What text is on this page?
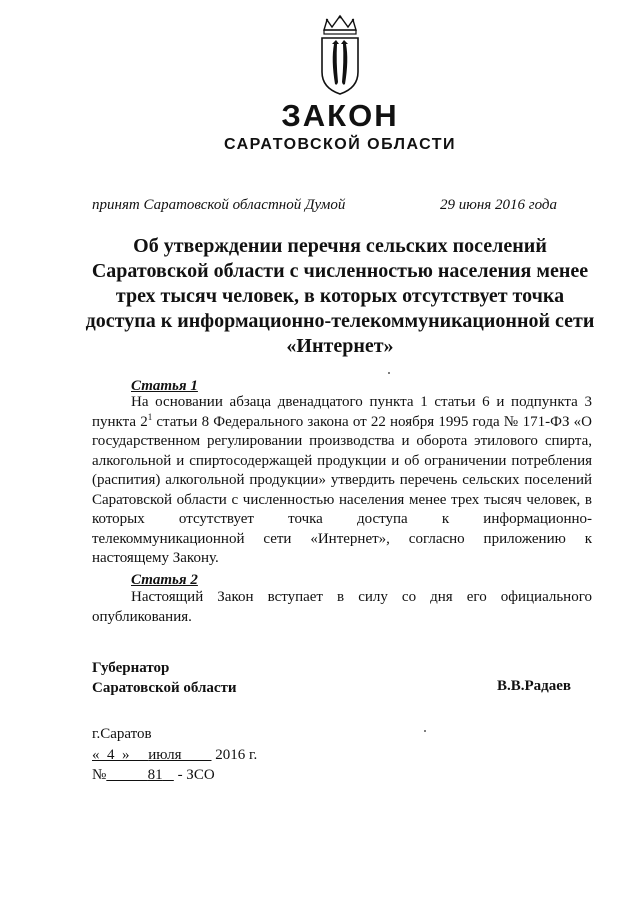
ЗАКОН
САРАТОВСКОЙ ОБЛАСТИ
принят Саратовской областной Думой	29 июня 2016 года
Об утверждении перечня сельских поселений Саратовской области с численностью населения менее трех тысяч человек, в которых отсутствует точка доступа к информационно-телекоммуникационной сети «Интернет»
Статья 1
На основании абзаца двенадцатого пункта 1 статьи 6 и подпункта 3 пункта $2^1$ статьи 8 Федерального закона от 22 ноября 1995 года № 171-ФЗ «О государственном регулировании производства и оборота этилового спирта, алкогольной и спиртосодержащей продукции и об ограничении потребления (распития) алкогольной продукции» утвердить перечень сельских поселений Саратовской области с численностью населения менее трех тысяч человек, в которых отсутствует точка доступа к информационно-телекоммуникационной сети «Интернет», согласно приложению к настоящему Закону.
Статья 2
Настоящий Закон вступает в силу со дня его официального опубликования.
Губернатор
Саратовской области	В.В.Радаев
г.Саратов
«  4  »     июля 2016 г.
№	81 - ЗСО
